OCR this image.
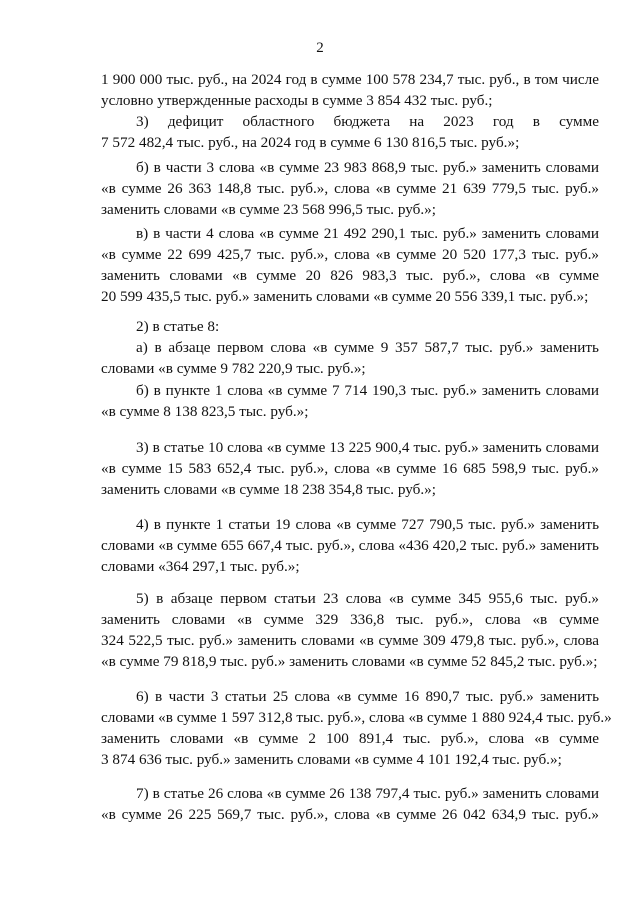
2
1 900 000 тыс. руб., на 2024 год в сумме 100 578 234,7 тыс. руб., в том числе
условно утвержденные расходы в сумме 3 854 432 тыс. руб.;
3) дефицит областного бюджета на 2023 год в сумме
7 572 482,4 тыс. руб., на 2024 год в сумме 6 130 816,5 тыс. руб.»;
б) в части 3 слова «в сумме 23 983 868,9 тыс. руб.» заменить словами
«в сумме 26 363 148,8 тыс. руб.», слова «в сумме 21 639 779,5 тыс. руб.»
заменить словами «в сумме 23 568 996,5 тыс. руб.»;
в) в части 4 слова «в сумме 21 492 290,1 тыс. руб.» заменить словами
«в сумме 22 699 425,7 тыс. руб.», слова «в сумме 20 520 177,3 тыс. руб.»
заменить словами «в сумме 20 826 983,3 тыс. руб.», слова «в сумме
20 599 435,5 тыс. руб.» заменить словами «в сумме 20 556 339,1 тыс. руб.»;
2) в статье 8:
а) в абзаце первом слова «в сумме 9 357 587,7 тыс. руб.» заменить
словами «в сумме 9 782 220,9 тыс. руб.»;
б) в пункте 1 слова «в сумме 7 714 190,3 тыс. руб.» заменить словами
«в сумме 8 138 823,5 тыс. руб.»;
3) в статье 10 слова «в сумме 13 225 900,4 тыс. руб.» заменить словами
«в сумме 15 583 652,4 тыс. руб.», слова «в сумме 16 685 598,9 тыс. руб.»
заменить словами «в сумме 18 238 354,8 тыс. руб.»;
4) в пункте 1 статьи 19 слова «в сумме 727 790,5 тыс. руб.» заменить
словами «в сумме 655 667,4 тыс. руб.», слова «436 420,2 тыс. руб.» заменить
словами «364 297,1 тыс. руб.»;
5) в абзаце первом статьи 23 слова «в сумме 345 955,6 тыс. руб.»
заменить словами «в сумме 329 336,8 тыс. руб.», слова «в сумме
324 522,5 тыс. руб.» заменить словами «в сумме 309 479,8 тыс. руб.», слова
«в сумме 79 818,9 тыс. руб.» заменить словами «в сумме 52 845,2 тыс. руб.»;
6) в части 3 статьи 25 слова «в сумме 16 890,7 тыс. руб.» заменить
словами «в сумме 1 597 312,8 тыс. руб.», слова «в сумме 1 880 924,4 тыс. руб.»
заменить словами «в сумме 2 100 891,4 тыс. руб.», слова «в сумме
3 874 636 тыс. руб.» заменить словами «в сумме 4 101 192,4 тыс. руб.»;
7) в статье 26 слова «в сумме 26 138 797,4 тыс. руб.» заменить словами
«в сумме 26 225 569,7 тыс. руб.», слова «в сумме 26 042 634,9 тыс. руб.»
